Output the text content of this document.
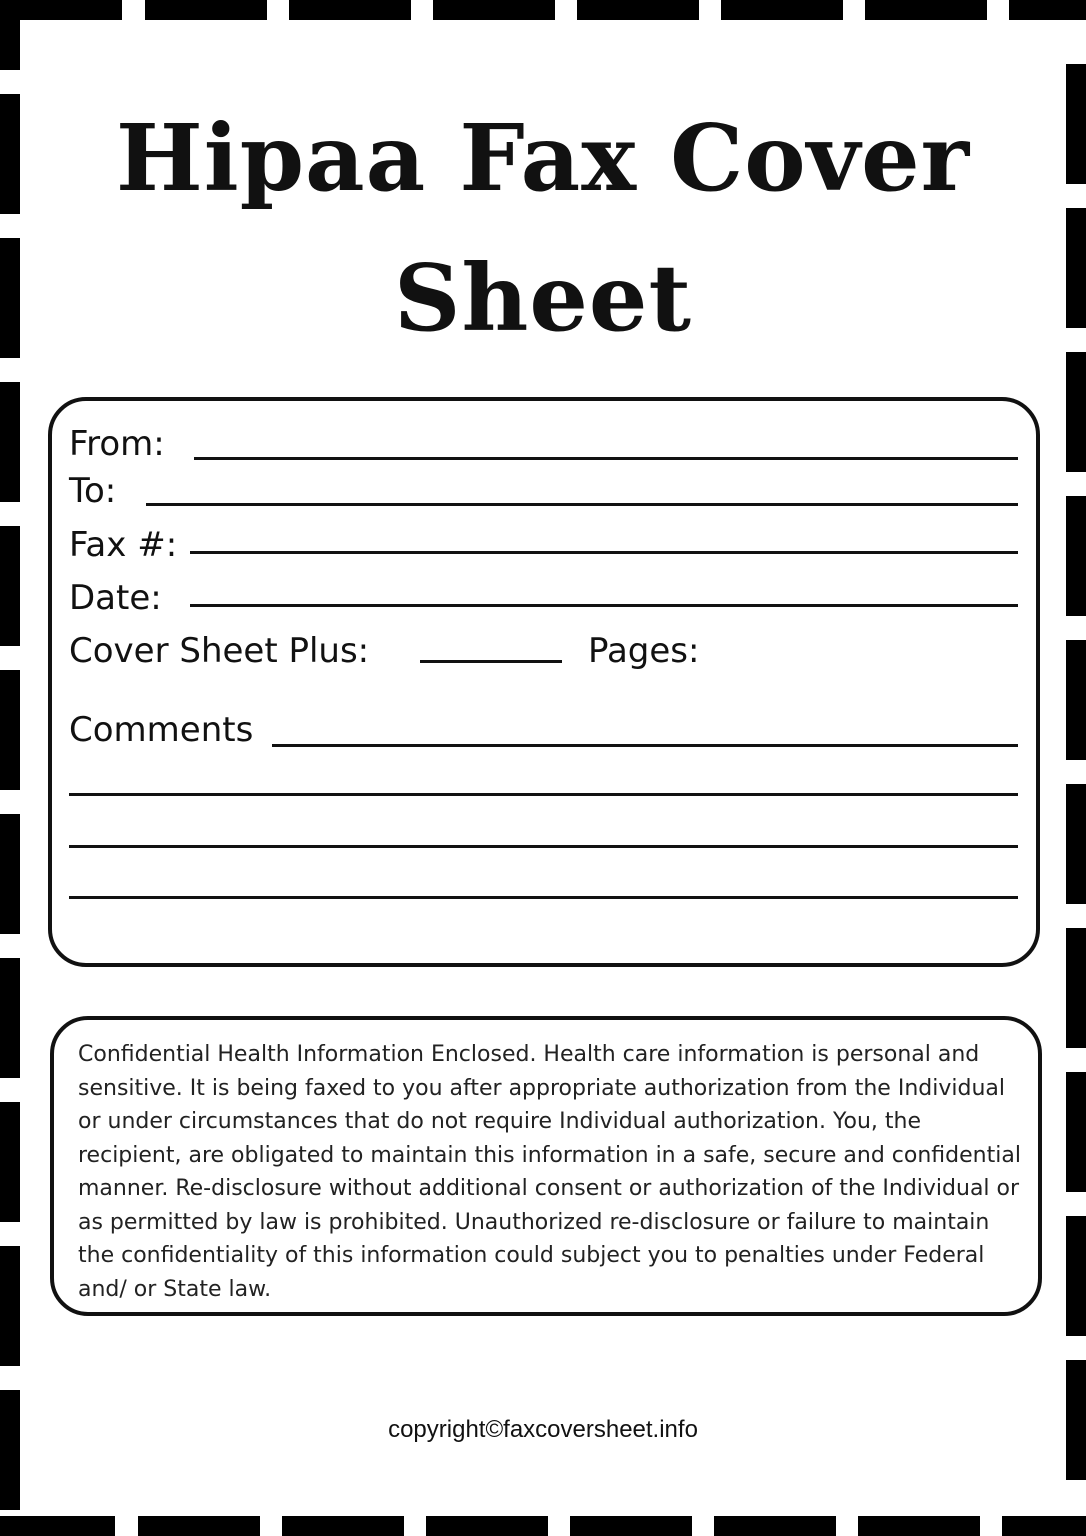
Hipaa Fax Cover
Sheet
From:
To:
Fax #:
Date:
Cover Sheet Plus:	Pages:
Comments

Confidential Health Information Enclosed. Health care information is personal and sensitive. It is being faxed to you after appropriate authorization from the Individual or under circumstances that do not require Individual authorization. You, the recipient, are obligated to maintain this information in a safe, secure and confidential manner. Re-disclosure without additional consent or authorization of the Individual or as permitted by law is prohibited. Unauthorized re-disclosure or failure to maintain the confidentiality of this information could subject you to penalties under Federal and/ or State law.

copyright©faxcoversheet.info
